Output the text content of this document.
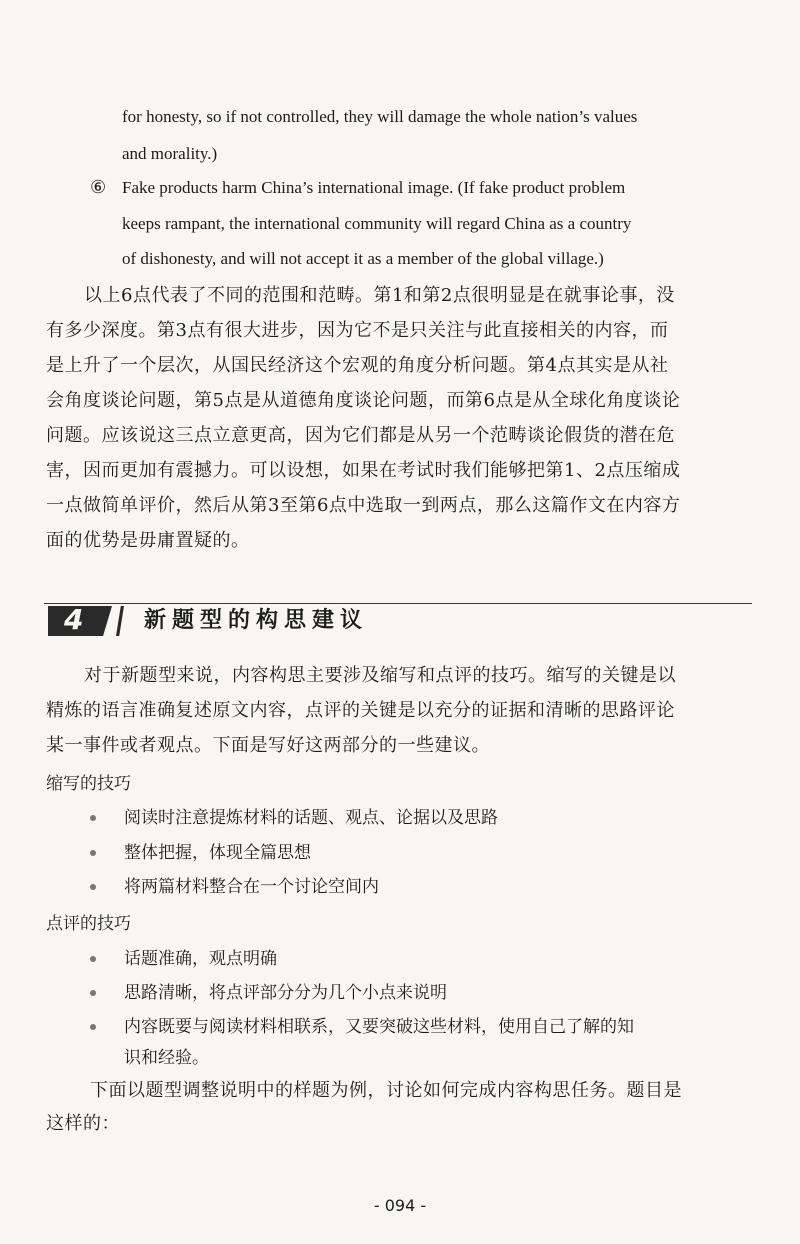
for honesty, so if not controlled, they will damage the whole nation’s values
and morality.)
⑥ Fake products harm China’s international image. (If fake product problem
keeps rampant, the international community will regard China as a country
of dishonesty, and will not accept it as a member of the global village.)
以上6点代表了不同的范围和范畴。第1和第2点很明显是在就事论事，没
有多少深度。第3点有很大进步，因为它不是只关注与此直接相关的内容，而
是上升了一个层次，从国民经济这个宏观的角度分析问题。第4点其实是从社
会角度谈论问题，第5点是从道德角度谈论问题，而第6点是从全球化角度谈论
问题。应该说这三点立意更高，因为它们都是从另一个范畴谈论假货的潜在危
害，因而更加有震撼力。可以设想，如果在考试时我们能够把第1、2点压缩成
一点做简单评价，然后从第3至第6点中选取一到两点，那么这篇作文在内容方
面的优势是毋庸置疑的。
4	新题型的构思建议
对于新题型来说，内容构思主要涉及缩写和点评的技巧。缩写的关键是以
精炼的语言准确复述原文内容，点评的关键是以充分的证据和清晰的思路评论
某一事件或者观点。下面是写好这两部分的一些建议。
缩写的技巧
阅读时注意提炼材料的话题、观点、论据以及思路
整体把握，体现全篇思想
将两篇材料整合在一个讨论空间内
点评的技巧
话题准确，观点明确
思路清晰，将点评部分分为几个小点来说明
内容既要与阅读材料相联系，又要突破这些材料，使用自己了解的知
识和经验。
下面以题型调整说明中的样题为例，讨论如何完成内容构思任务。题目是
这样的：
- 094 -
